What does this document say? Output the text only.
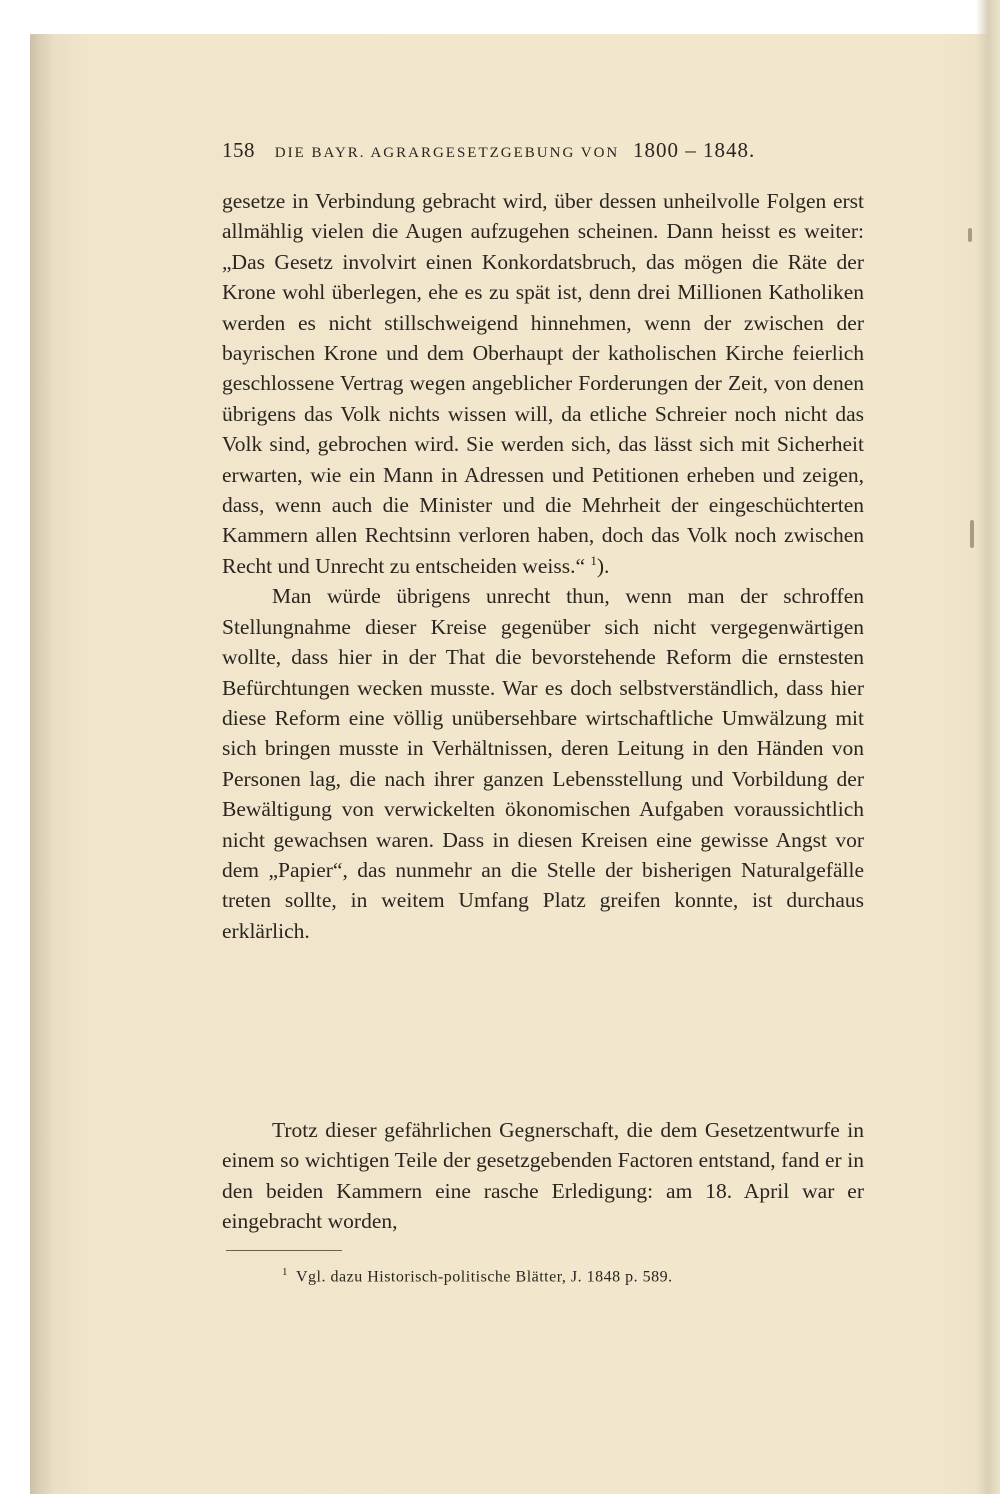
158 DIE BAYR. AGRARGESETZGEBUNG VON 1800 – 1848.

gesetze in Verbindung gebracht wird, über dessen unheilvolle Folgen erst allmählig vielen die Augen aufzugehen scheinen. Dann heisst es weiter: „Das Gesetz involvirt einen Konkordatsbruch, das mögen die Räte der Krone wohl überlegen, ehe es zu spät ist, denn drei Millionen Katholiken werden es nicht stillschweigend hinnehmen, wenn der zwischen der bayrischen Krone und dem Oberhaupt der katholischen Kirche feierlich geschlossene Vertrag wegen angeblicher Forderungen der Zeit, von denen übrigens das Volk nichts wissen will, da etliche Schreier noch nicht das Volk sind, gebrochen wird. Sie werden sich, das lässt sich mit Sicherheit erwarten, wie ein Mann in Adressen und Petitionen erheben und zeigen, dass, wenn auch die Minister und die Mehrheit der eingeschüchterten Kammern allen Rechtsinn verloren haben, doch das Volk noch zwischen Recht und Unrecht zu entscheiden weiss.“ $^1$).

Man würde übrigens unrecht thun, wenn man der schroffen Stellungnahme dieser Kreise gegenüber sich nicht vergegenwärtigen wollte, dass hier in der That die bevorstehende Reform die ernstesten Befürchtungen wecken musste. War es doch selbstverständlich, dass hier diese Reform eine völlig unübersehbare wirtschaftliche Umwälzung mit sich bringen musste in Verhältnissen, deren Leitung in den Händen von Personen lag, die nach ihrer ganzen Lebensstellung und Vorbildung der Bewältigung von verwickelten ökonomischen Aufgaben voraussichtlich nicht gewachsen waren. Dass in diesen Kreisen eine gewisse Angst vor dem „Papier“, das nunmehr an die Stelle der bisherigen Naturalgefälle treten sollte, in weitem Umfang Platz greifen konnte, ist durchaus erklärlich.

Trotz dieser gefährlichen Gegnerschaft, die dem Gesetzentwurfe in einem so wichtigen Teile der gesetzgebenden Factoren entstand, fand er in den beiden Kammern eine rasche Erledigung: am 18. April war er eingebracht worden,

$^1$ Vgl. dazu Historisch-politische Blätter, J. 1848 p. 589.
